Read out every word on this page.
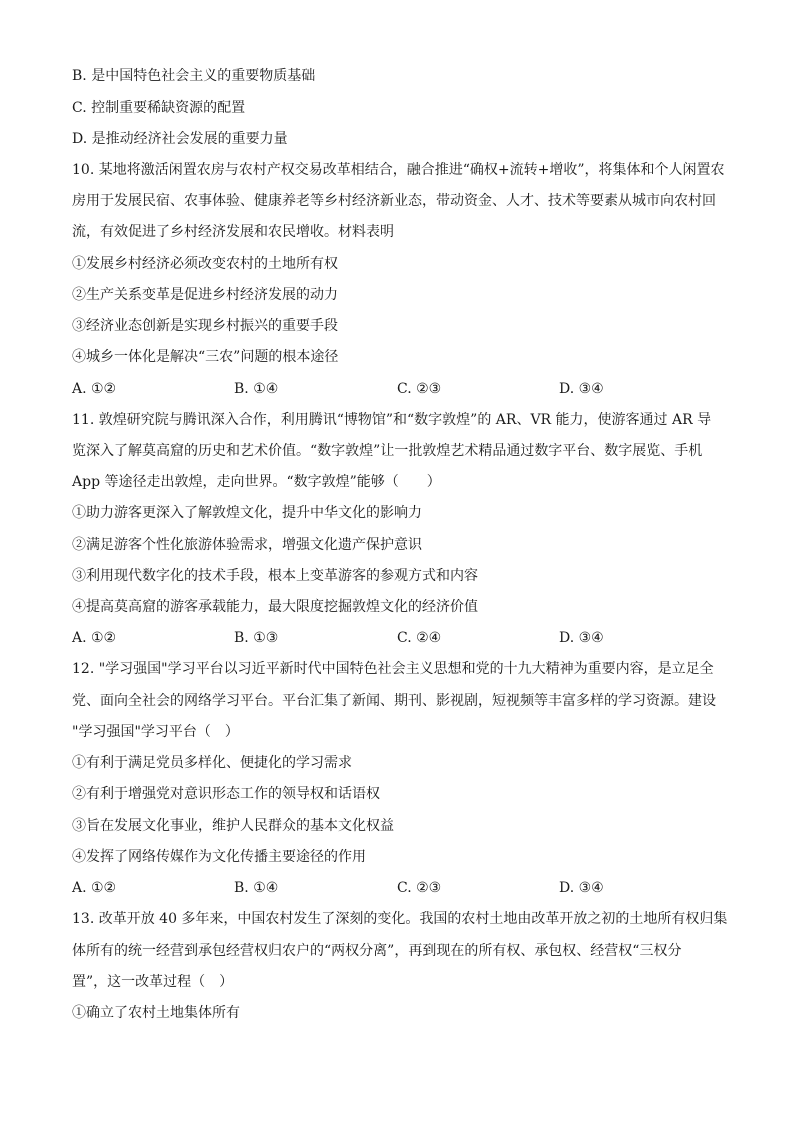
B. 是中国特色社会主义的重要物质基础
C. 控制重要稀缺资源的配置
D. 是推动经济社会发展的重要力量
10. 某地将激活闲置农房与农村产权交易改革相结合，融合推进“确权+流转+增收”，将集体和个人闲置农
房用于发展民宿、农事体验、健康养老等乡村经济新业态，带动资金、人才、技术等要素从城市向农村回
流，有效促进了乡村经济发展和农民增收。材料表明
①发展乡村经济必须改变农村的土地所有权
②生产关系变革是促进乡村经济发展的动力
③经济业态创新是实现乡村振兴的重要手段
④城乡一体化是解决“三农”问题的根本途径
A. ①②	B. ①④	C. ②③	D. ③④
11. 敦煌研究院与腾讯深入合作，利用腾讯“博物馆”和“数字敦煌”的 AR、VR 能力，使游客通过 AR 导
览深入了解莫高窟的历史和艺术价值。“数字敦煌”让一批敦煌艺术精品通过数字平台、数字展览、手机
App 等途径走出敦煌，走向世界。“数字敦煌”能够（　　）
①助力游客更深入了解敦煌文化，提升中华文化的影响力
②满足游客个性化旅游体验需求，增强文化遗产保护意识
③利用现代数字化的技术手段，根本上变革游客的参观方式和内容
④提高莫高窟的游客承载能力，最大限度挖掘敦煌文化的经济价值
A. ①②	B. ①③	C. ②④	D. ③④
12. "学习强国"学习平台以习近平新时代中国特色社会主义思想和党的十九大精神为重要内容，是立足全
党、面向全社会的网络学习平台。平台汇集了新闻、期刊、影视剧，短视频等丰富多样的学习资源。建设
"学习强国"学习平台（　）
①有利于满足党员多样化、便捷化的学习需求
②有利于增强党对意识形态工作的领导权和话语权
③旨在发展文化事业，维护人民群众的基本文化权益
④发挥了网络传媒作为文化传播主要途径的作用
A. ①②	B. ①④	C. ②③	D. ③④
13. 改革开放 40 多年来，中国农村发生了深刻的变化。我国的农村土地由改革开放之初的土地所有权归集
体所有的统一经营到承包经营权归农户的“两权分离”，再到现在的所有权、承包权、经营权“三权分
置”，这一改革过程（　）
①确立了农村土地集体所有
